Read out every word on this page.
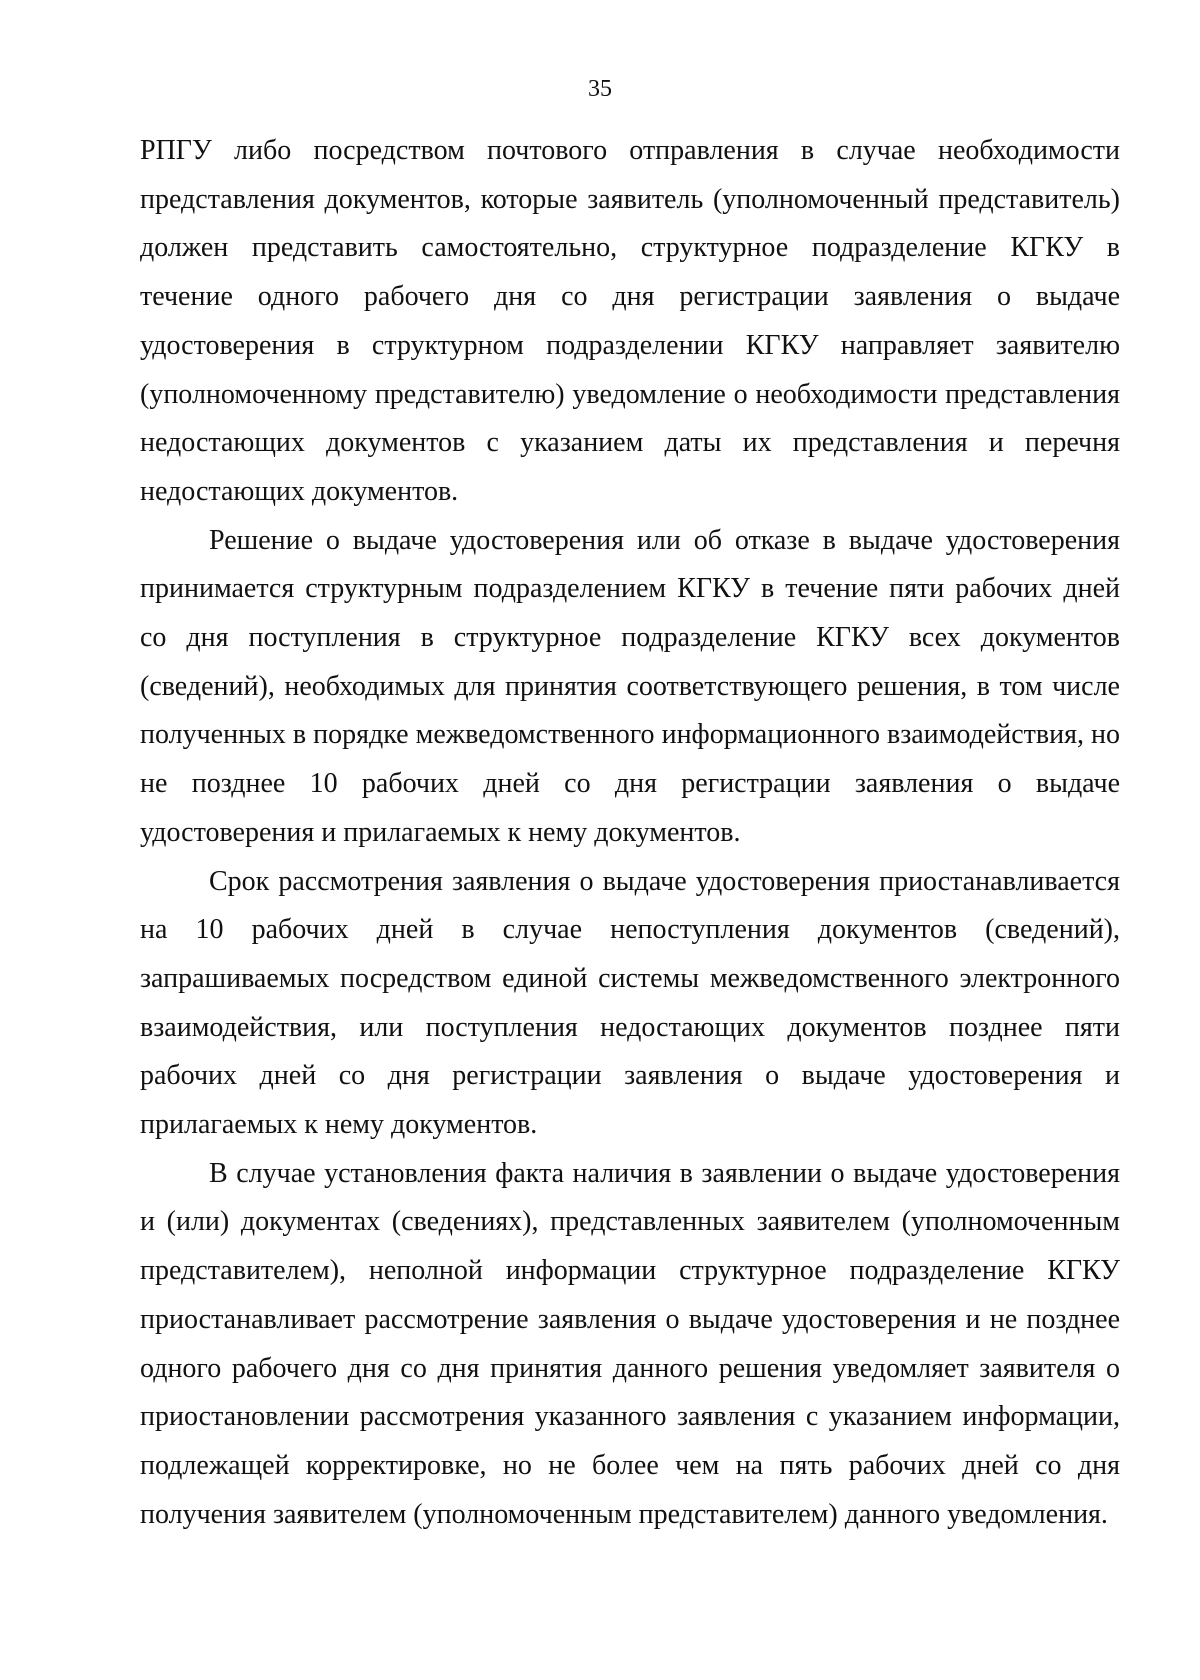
35

РПГУ либо посредством почтового отправления в случае необходимости представления документов, которые заявитель (уполномоченный представитель) должен представить самостоятельно, структурное подразделение КГКУ в течение одного рабочего дня со дня регистрации заявления о выдаче удостоверения в структурном подразделении КГКУ направляет заявителю (уполномоченному представителю) уведомление о необходимости представления недостающих документов с указанием даты их представления и перечня недостающих документов.

Решение о выдаче удостоверения или об отказе в выдаче удостоверения принимается структурным подразделением КГКУ в течение пяти рабочих дней со дня поступления в структурное подразделение КГКУ всех документов (сведений), необходимых для принятия соответствующего решения, в том числе полученных в порядке межведомственного информационного взаимодействия, но не позднее 10 рабочих дней со дня регистрации заявления о выдаче удостоверения и прилагаемых к нему документов.

Срок рассмотрения заявления о выдаче удостоверения приостанавливается на 10 рабочих дней в случае непоступления документов (сведений), запрашиваемых посредством единой системы межведомственного электронного взаимодействия, или поступления недостающих документов позднее пяти рабочих дней со дня регистрации заявления о выдаче удостоверения и прилагаемых к нему документов.

В случае установления факта наличия в заявлении о выдаче удостоверения и (или) документах (сведениях), представленных заявителем (уполномоченным представителем), неполной информации структурное подразделение КГКУ приостанавливает рассмотрение заявления о выдаче удостоверения и не позднее одного рабочего дня со дня принятия данного решения уведомляет заявителя о приостановлении рассмотрения указанного заявления с указанием информации, подлежащей корректировке, но не более чем на пять рабочих дней со дня получения заявителем (уполномоченным представителем) данного уведомления.
